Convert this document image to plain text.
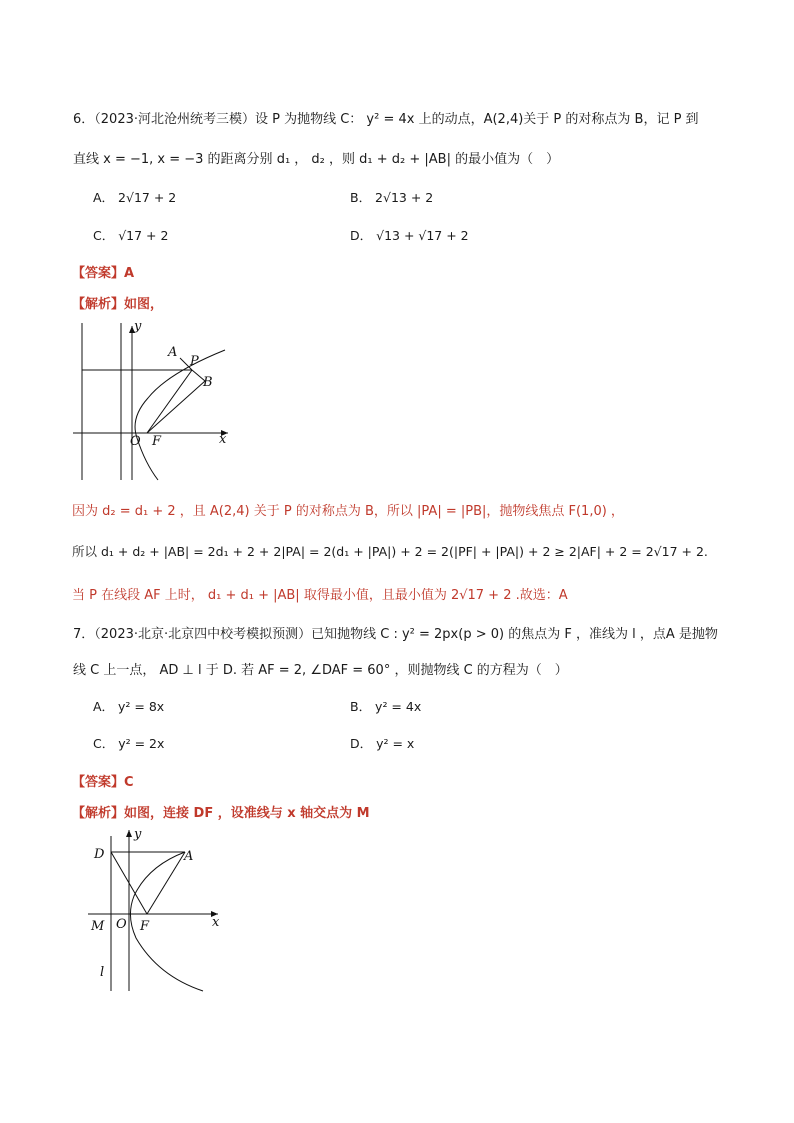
6．（2023·河北沧州统考三模）设 P 为抛物线 C： y² = 4x 上的动点，A(2,4)关于 P 的对称点为 B，记 P 到
直线 x = −1, x = −3 的距离分别 d₁ ， d₂ ，则 d₁ + d₂ + |AB| 的最小值为（　）
A． 2√17 + 2	B． 2√13 + 2
C． √17 + 2	D． √13 + √17 + 2
【答案】A
【解析】如图，
y
x
A
P
B
O F
因为 d₂ = d₁ + 2 ，且 A(2,4) 关于 P 的对称点为 B，所以 |PA| = |PB|，抛物线焦点 F(1,0) ，
所以 d₁ + d₂ + |AB| = 2d₁ + 2 + 2|PA| = 2(d₁ + |PA|) + 2 = 2(|PF| + |PA|) + 2 ≥ 2|AF| + 2 = 2√17 + 2.
当 P 在线段 AF 上时， d₁ + d₁ + |AB| 取得最小值，且最小值为 2√17 + 2 .故选：A
7．（2023·北京·北京四中校考模拟预测）已知抛物线 C : y² = 2px(p > 0) 的焦点为 F ，准线为 l ，点A 是抛物
线 C 上一点， AD ⊥ l 于 D. 若 AF = 2, ∠DAF = 60° ，则抛物线 C 的方程为（　）
A． y² = 8x	B． y² = 4x
C． y² = 2x	D． y² = x
【答案】C
【解析】如图，连接 DF ，设准线与 x 轴交点为 M
y
x
D	A
M O F
l
